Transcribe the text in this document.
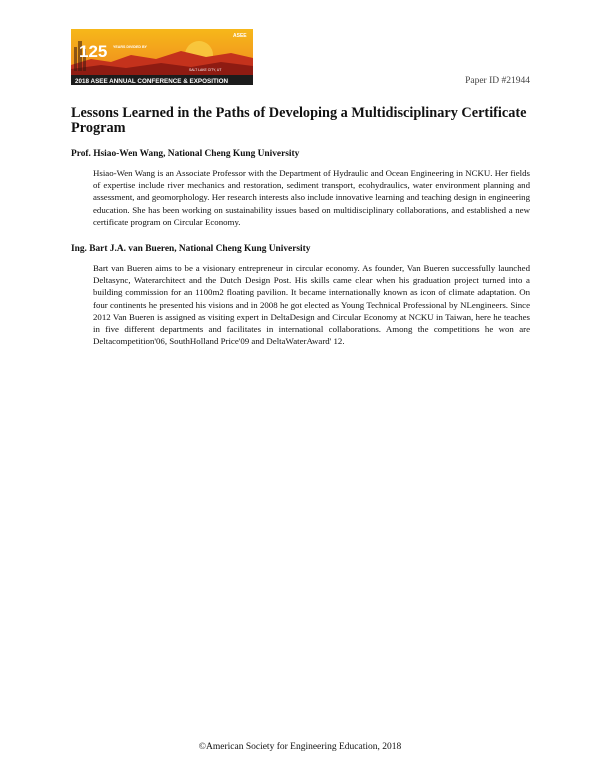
2018 ASEE ANNUAL CONFERENCE & EXPOSITION
125 YEARS DIVIDED BY
SALT LAKE CITY, UT
ASEE
Paper ID #21944
Lessons Learned in the Paths of Developing a Multidisciplinary Certificate Program

Prof. Hsiao-Wen Wang, National Cheng Kung University

Hsiao-Wen Wang is an Associate Professor with the Department of Hydraulic and Ocean Engineering in NCKU. Her fields of expertise include river mechanics and restoration, sediment transport, ecohydraulics, water environment planning and assessment, and geomorphology. Her research interests also include innovative learning and teaching design in engineering education. She has been working on sustainability issues based on multidisciplinary collaborations, and established a new certificate program on Circular Economy.

Ing. Bart J.A. van Bueren, National Cheng Kung University

Bart van Bueren aims to be a visionary entrepreneur in circular economy. As founder, Van Bueren successfully launched Deltasync, Waterarchitect and the Dutch Design Post. His skills came clear when his graduation project turned into a building commission for an 1100m2 floating pavilion. It became internationally known as icon of climate adaptation. On four continents he presented his visions and in 2008 he got elected as Young Technical Professional by NLengineers. Since 2012 Van Bueren is assigned as visiting expert in DeltaDesign and Circular Economy at NCKU in Taiwan, here he teaches in five different departments and facilitates in international collaborations. Among the competitions he won are Deltacompetition'06, SouthHolland Price'09 and DeltaWaterAward' 12.

©American Society for Engineering Education, 2018
